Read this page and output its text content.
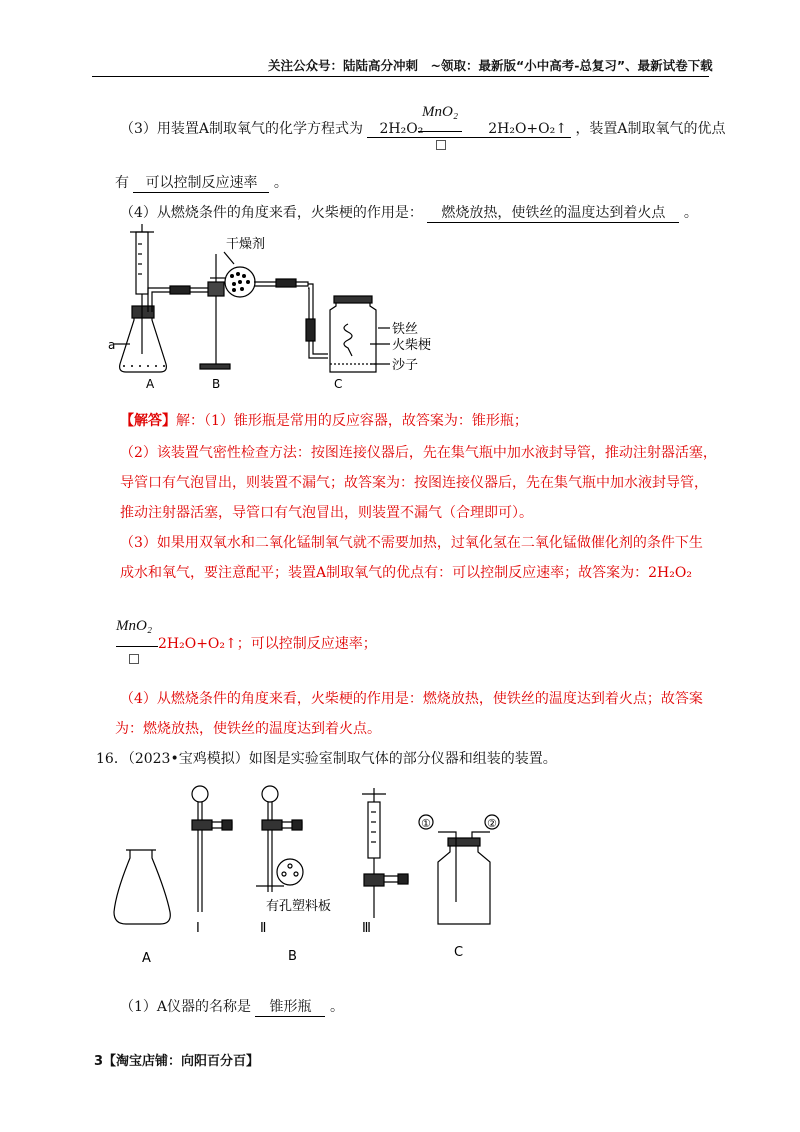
关注公众号：陆陆高分冲刺　~领取：最新版“小中高考-总复习”、最新试卷下载
（3）用装置A制取氧气的化学方程式为 2H₂O₂	2H₂O+O₂↑ ，装置A制取氧气的优点
MnO₂
有 可以控制反应速率 。
（4）从燃烧条件的角度来看，火柴梗的作用是： 燃烧放热，使铁丝的温度达到着火点 。
干燥剂
铁丝
火柴梗
沙子
a
A	B	C
【解答】解：（1）锥形瓶是常用的反应容器，故答案为：锥形瓶；
（2）该装置气密性检查方法：按图连接仪器后，先在集气瓶中加水液封导管，推动注射器活塞，
导管口有气泡冒出，则装置不漏气；故答案为：按图连接仪器后，先在集气瓶中加水液封导管，
推动注射器活塞，导管口有气泡冒出，则装置不漏气（合理即可）。
（3）如果用双氧水和二氧化锰制氧气就不需要加热，过氧化氢在二氧化锰做催化剂的条件下生
成水和氧气，要注意配平；装置A制取氧气的优点有：可以控制反应速率；故答案为：2H₂O₂
MnO₂
2H₂O+O₂↑；可以控制反应速率；
（4）从燃烧条件的角度来看，火柴梗的作用是：燃烧放热，使铁丝的温度达到着火点；故答案
为：燃烧放热，使铁丝的温度达到着火点。
16．（2023•宝鸡模拟）如图是实验室制取气体的部分仪器和组装的装置。
A
Ⅰ	Ⅱ
B
有孔塑料板
Ⅲ
C
①	②
（1）A仪器的名称是 锥形瓶 。
3【淘宝店铺：向阳百分百】
